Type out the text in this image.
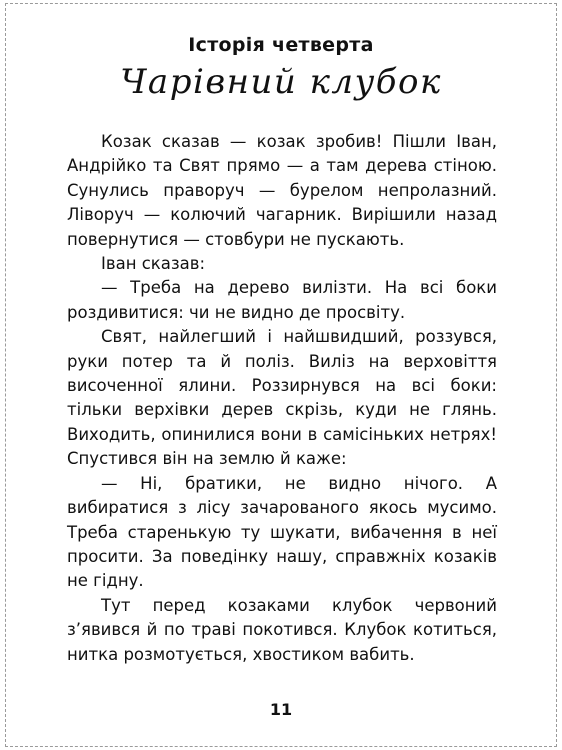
Історія четверта
Чарівний клубок

Козак сказав — козак зробив! Пішли Іван, Андрійко та Свят прямо — а там дерева стіною. Сунулись праворуч — бурелом непролазний. Ліворуч — колючий чагарник. Вирішили назад повернутися — стовбури не пускають.

Іван сказав:

— Треба на дерево вилізти. На всі боки роздивитися: чи не видно де просвіту.

Свят, найлегший і найшвидший, роззувся, руки потер та й поліз. Виліз на верховіття височенної ялини. Роззирнувся на всі боки: тільки верхівки дерев скрізь, куди не глянь. Виходить, опинилися вони в самісіньких нетрях! Спустився він на землю й каже:

— Ні, братики, не видно нічого. А вибиратися з лісу зачарованого якось мусимо. Треба старенькую ту шукати, вибачення в неї просити. За поведінку нашу, справжніх козаків не гідну.

Тут перед козаками клубок червоний з’явився й по траві покотився. Клубок котиться, нитка розмотується, хвостиком вабить.

11
